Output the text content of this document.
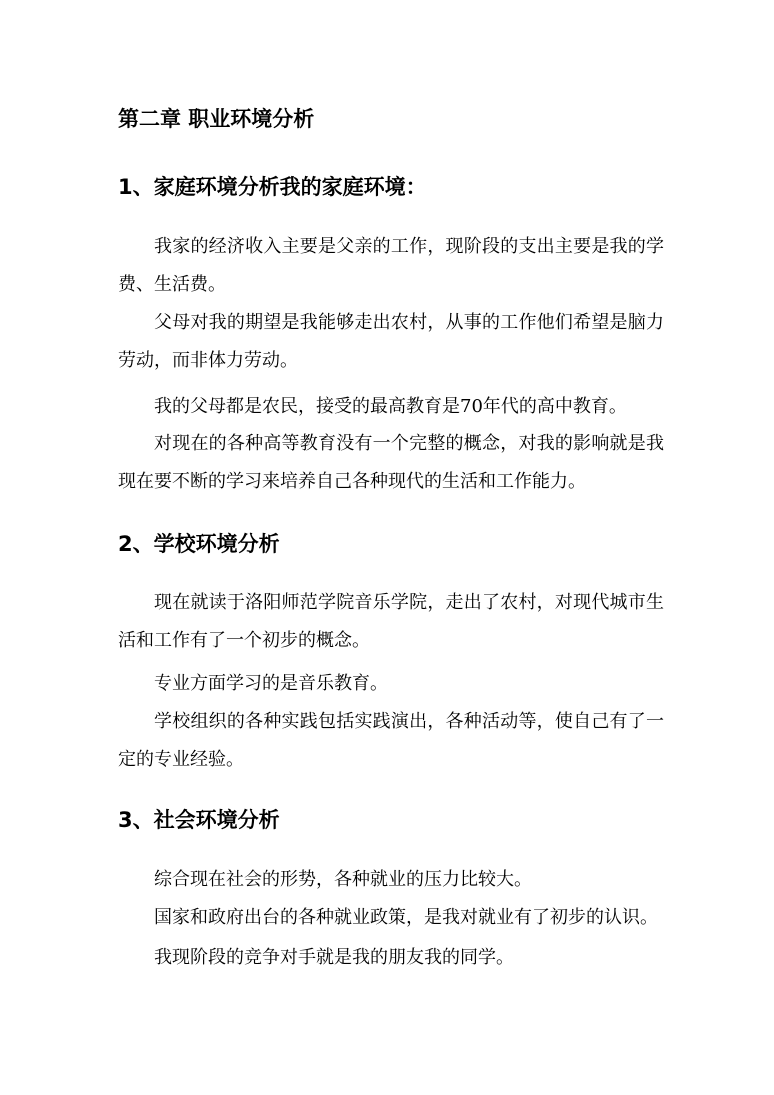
第二章 职业环境分析
1、家庭环境分析我的家庭环境：

我家的经济收入主要是父亲的工作，现阶段的支出主要是我的学费、生活费。

父母对我的期望是我能够走出农村，从事的工作他们希望是脑力劳动，而非体力劳动。

我的父母都是农民，接受的最高教育是70年代的高中教育。

对现在的各种高等教育没有一个完整的概念，对我的影响就是我现在要不断的学习来培养自己各种现代的生活和工作能力。

2、学校环境分析

现在就读于洛阳师范学院音乐学院，走出了农村，对现代城市生活和工作有了一个初步的概念。

专业方面学习的是音乐教育。

学校组织的各种实践包括实践演出，各种活动等，使自己有了一定的专业经验。

3、社会环境分析

综合现在社会的形势，各种就业的压力比较大。

国家和政府出台的各种就业政策，是我对就业有了初步的认识。

我现阶段的竞争对手就是我的朋友我的同学。
